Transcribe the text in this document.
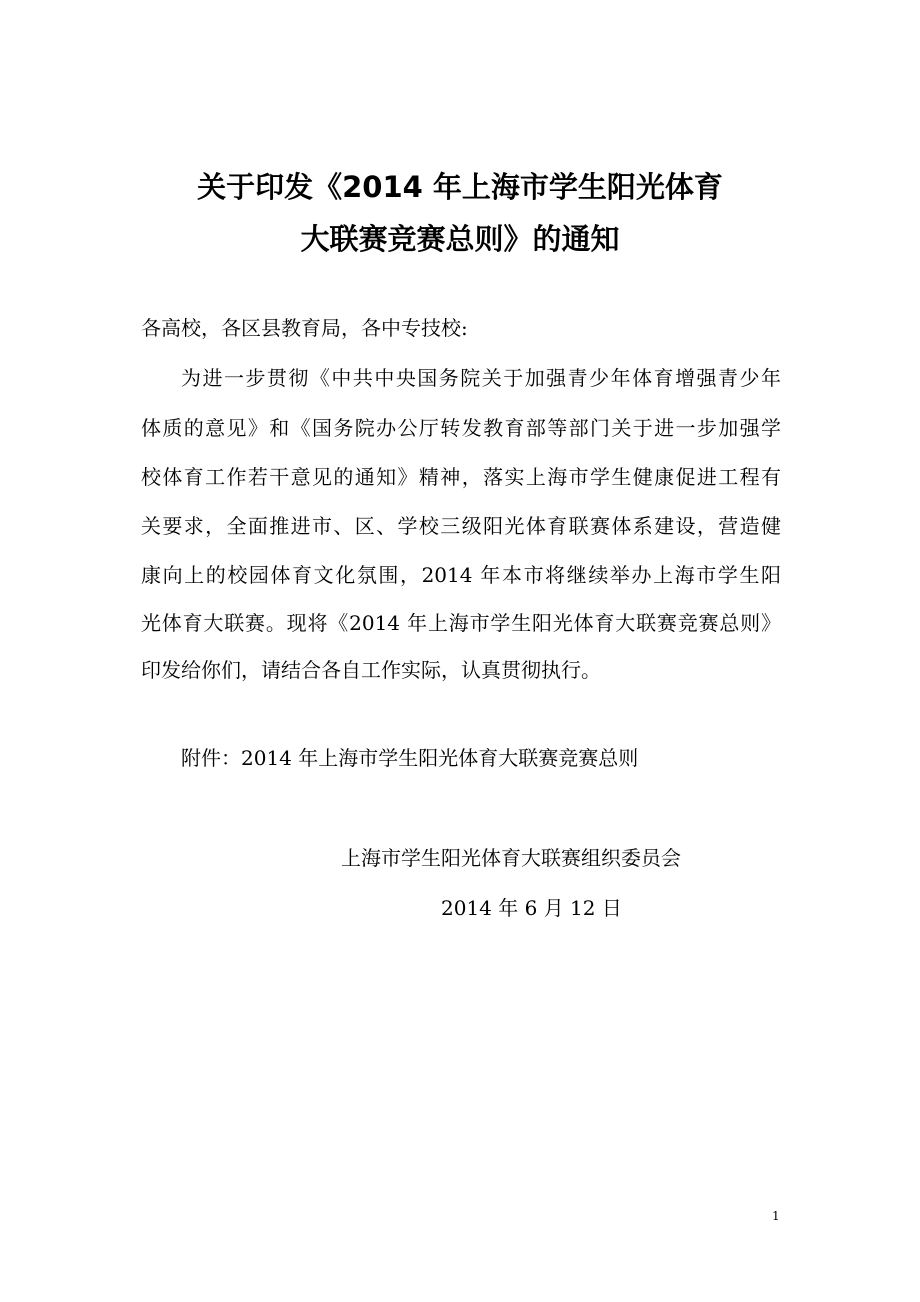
关于印发《2014 年上海市学生阳光体育
大联赛竞赛总则》的通知
各高校，各区县教育局，各中专技校:
为进一步贯彻《中共中央国务院关于加强青少年体育增强青少年
体质的意见》和《国务院办公厅转发教育部等部门关于进一步加强学
校体育工作若干意见的通知》精神，落实上海市学生健康促进工程有
关要求，全面推进市、区、学校三级阳光体育联赛体系建设，营造健
康向上的校园体育文化氛围，2014 年本市将继续举办上海市学生阳
光体育大联赛。现将《2014 年上海市学生阳光体育大联赛竞赛总则》
印发给你们，请结合各自工作实际，认真贯彻执行。
附件：2014 年上海市学生阳光体育大联赛竞赛总则
上海市学生阳光体育大联赛组织委员会
2014 年 6 月 12 日
1
